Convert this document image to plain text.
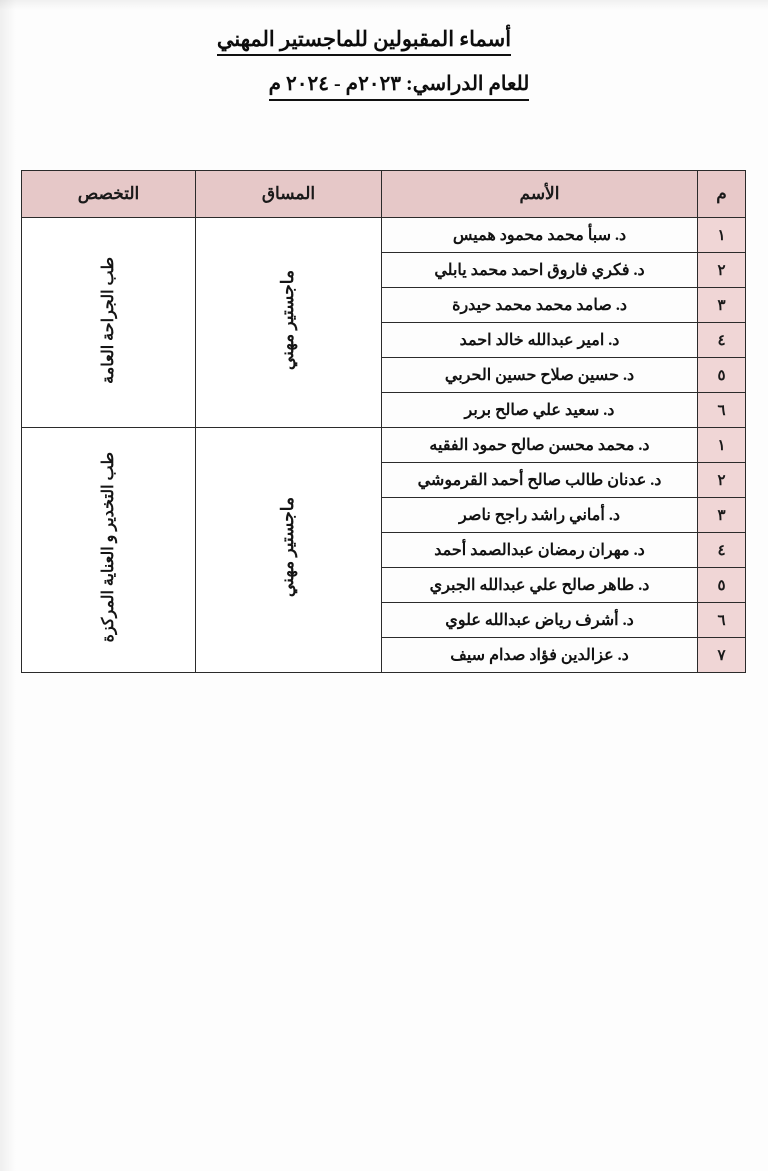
أسماء المقبولين للماجستير المهني
للعام الدراسي: ٢٠٢٣م - ٢٠٢٤ م
م	الأسم	المساق	التخصص
١	د. سبأ محمد محمود هميس	ماجستير مهني	طب الجراحة العامة
٢	د. فكري فاروق احمد محمد يابلي		
٣	د. صامد محمد محمد حيدرة		
٤	د. امير عبدالله خالد احمد		
٥	د. حسين صلاح حسين الحربي		
٦	د. سعيد علي صالح بربر		
١	د. محمد محسن صالح حمود الفقيه	ماجستير مهني	طب التخدير و العناية المركزة
٢	د. عدنان طالب صالح أحمد القرموشي		
٣	د. أماني راشد راجح ناصر		
٤	د. مهران رمضان عبدالصمد أحمد		
٥	د. طاهر صالح علي عبدالله الجبري		
٦	د. أشرف رياض عبدالله علوي		
٧	د. عزالدين فؤاد صدام سيف		
